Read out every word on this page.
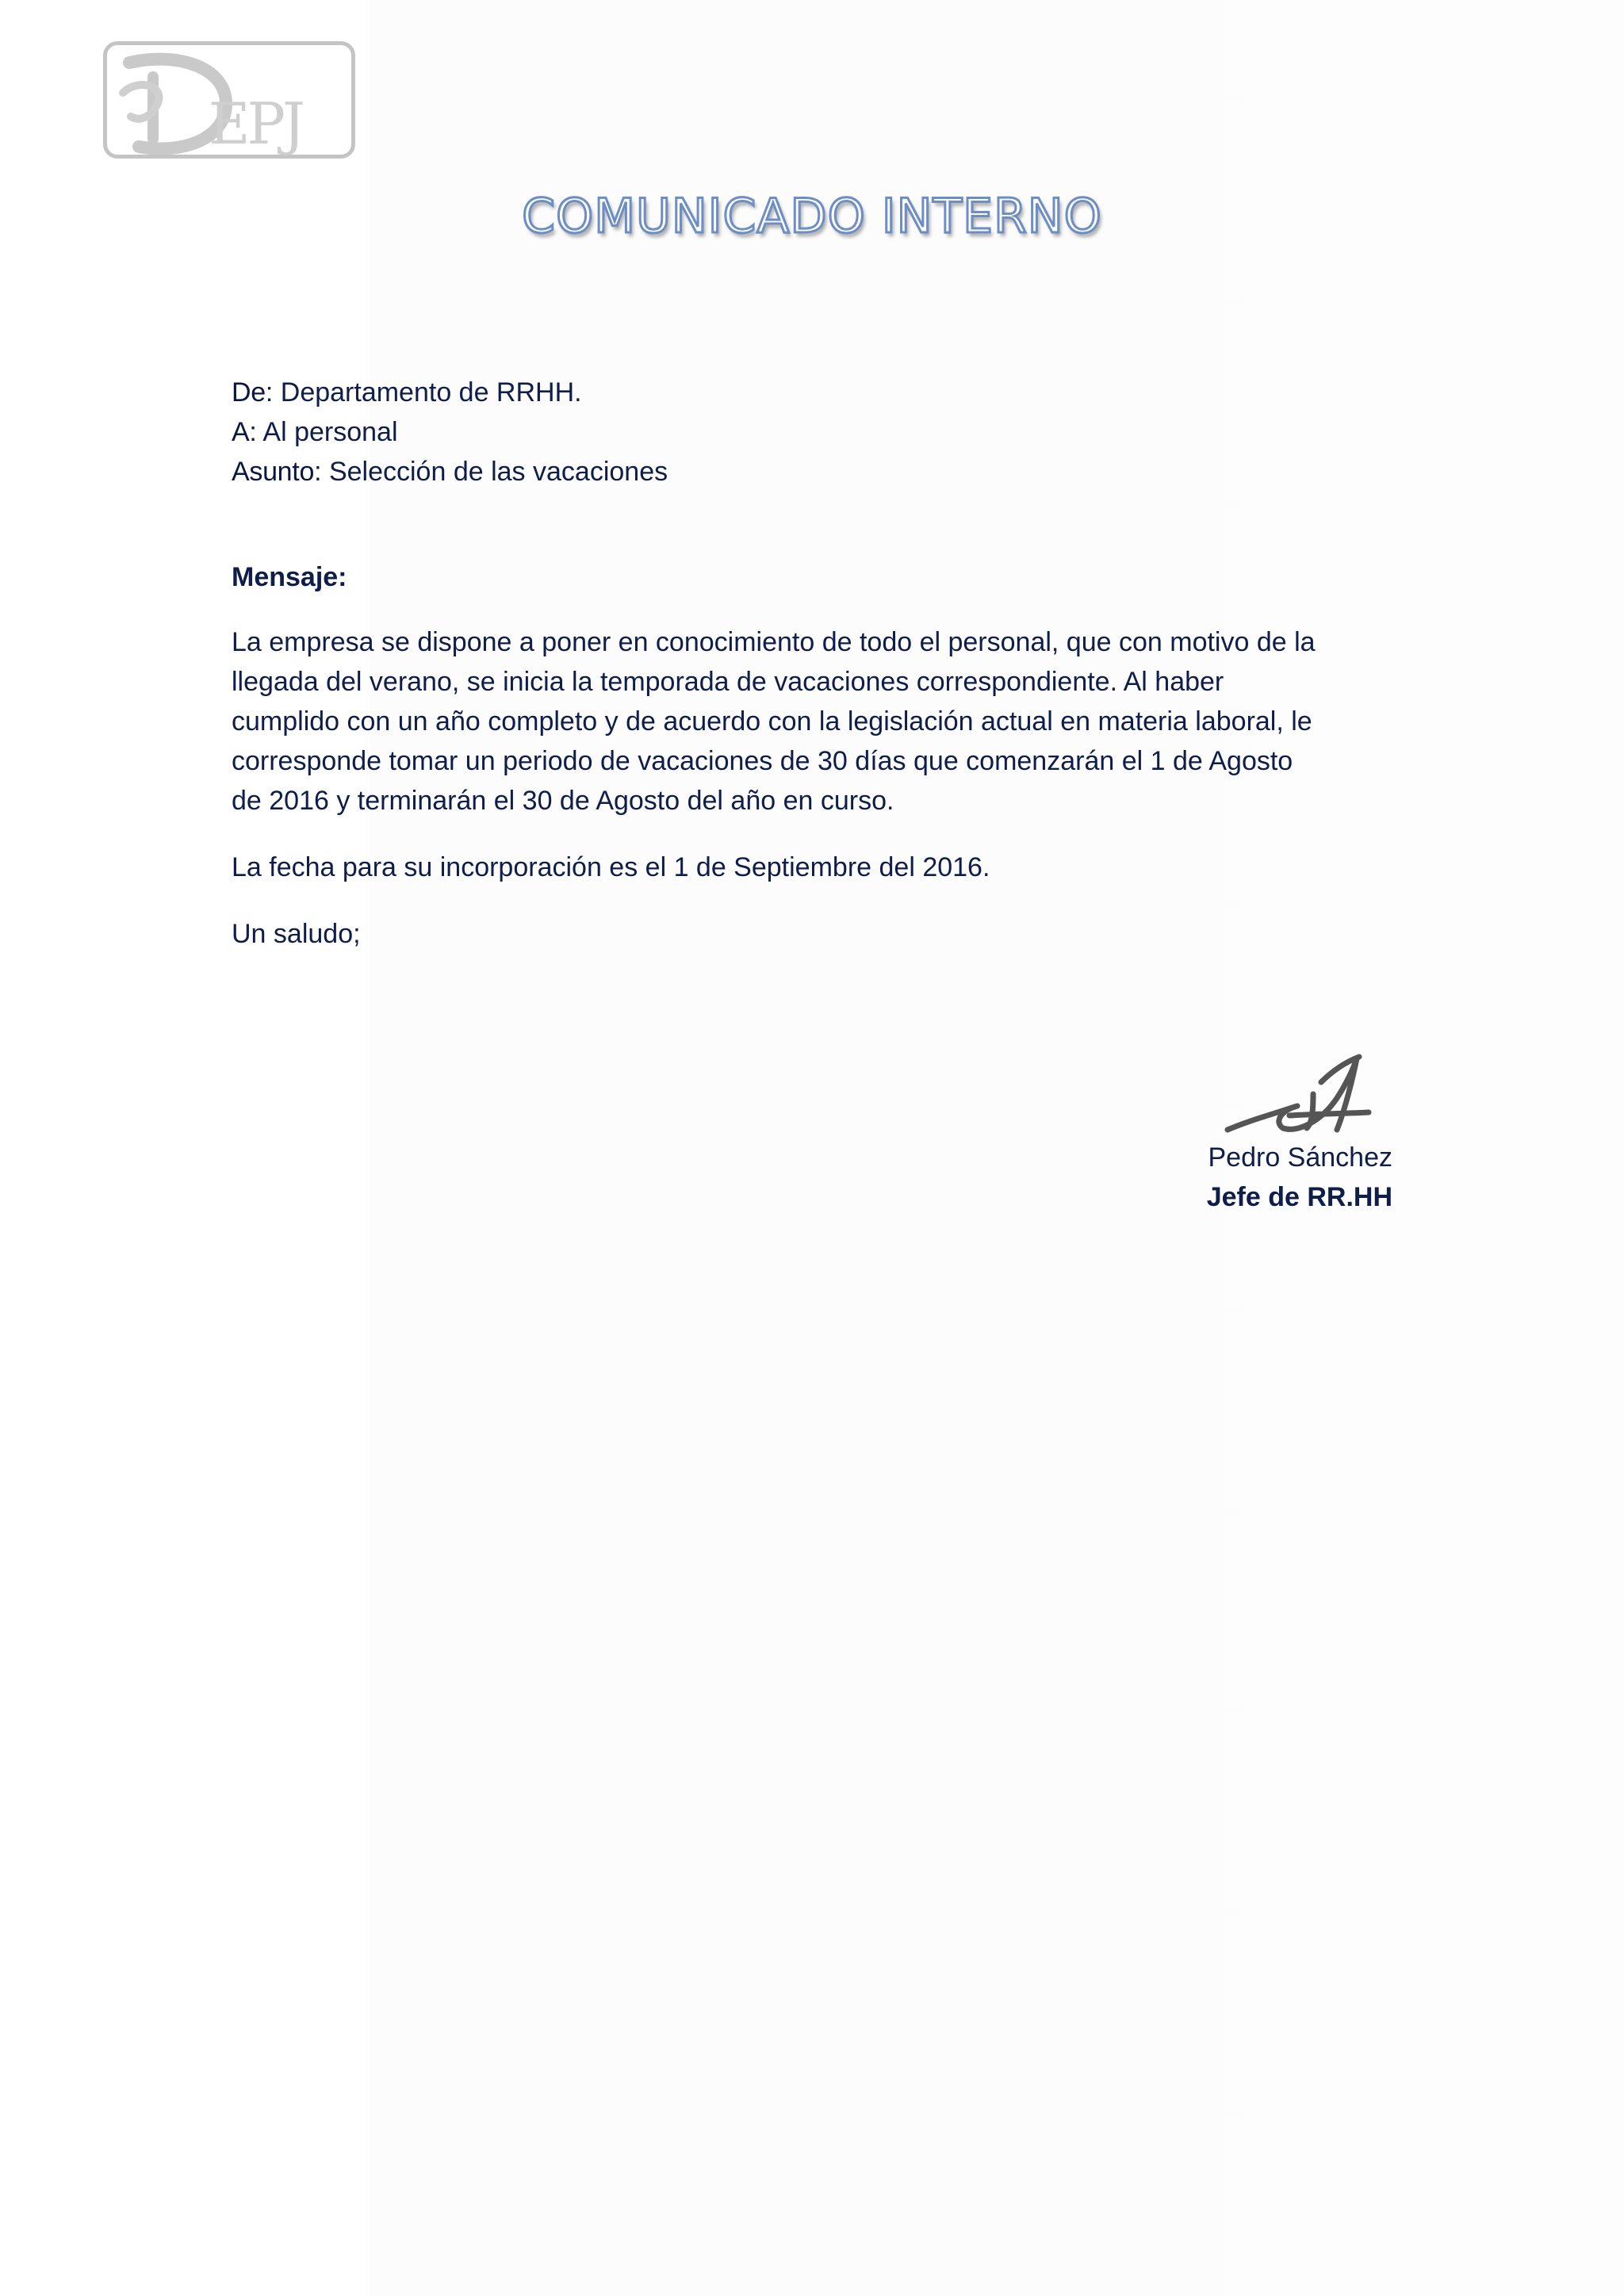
EPJ
COMUNICADO INTERNO

De: Departamento de RRHH.

A: Al personal

Asunto: Selección de las vacaciones

Mensaje:

La empresa se dispone a poner en conocimiento de todo el personal, que con motivo de la
llegada del verano, se inicia la temporada de vacaciones correspondiente. Al haber
cumplido con un año completo y de acuerdo con la legislación actual en materia laboral, le
corresponde tomar un periodo de vacaciones de 30 días que comenzarán el 1 de Agosto
de 2016 y terminarán el 30 de Agosto del año en curso.

La fecha para su incorporación es el 1 de Septiembre del 2016.

Un saludo;

Pedro Sánchez
Jefe de RR.HH
